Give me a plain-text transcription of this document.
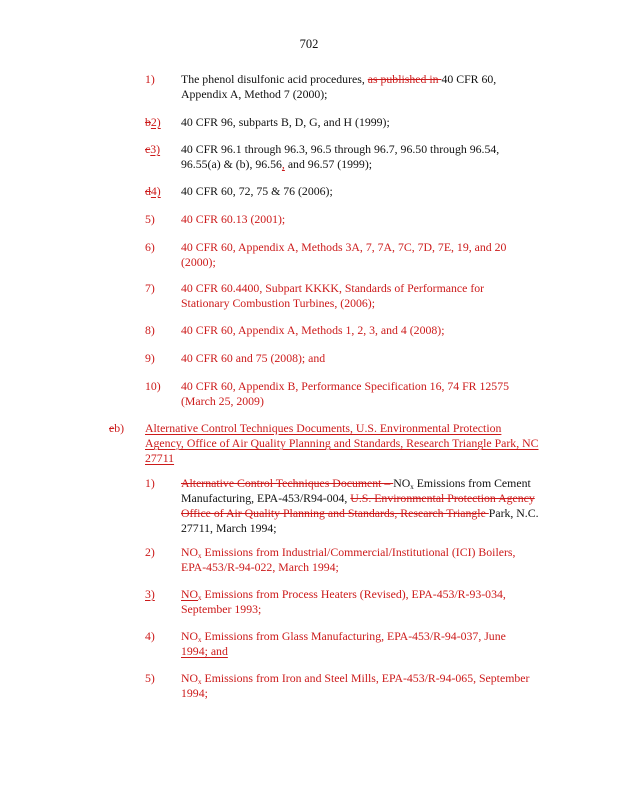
702
1) The phenol disulfonic acid procedures, as published in 40 CFR 60, Appendix A, Method 7 (2000);
b2) 40 CFR 96, subparts B, D, G, and H (1999);
c3) 40 CFR 96.1 through 96.3, 96.5 through 96.7, 96.50 through 96.54, 96.55(a) & (b), 96.56, and 96.57 (1999);
d4) 40 CFR 60, 72, 75 & 76 (2006);
5) 40 CFR 60.13 (2001);
6) 40 CFR 60, Appendix A, Methods 3A, 7, 7A, 7C, 7D, 7E, 19, and 20 (2000);
7) 40 CFR 60.4400, Subpart KKKK, Standards of Performance for Stationary Combustion Turbines, (2006);
8) 40 CFR 60, Appendix A, Methods 1, 2, 3, and 4 (2008);
9) 40 CFR 60 and 75 (2008); and
10) 40 CFR 60, Appendix B, Performance Specification 16, 74 FR 12575 (March 25, 2009)
eb) Alternative Control Techniques Documents, U.S. Environmental Protection Agency, Office of Air Quality Planning and Standards, Research Triangle Park, NC 27711
1) Alternative Control Techniques Document – $NO_x$ Emissions from Cement Manufacturing, EPA-453/R94-004, U.S. Environmental Protection Agency Office of Air Quality Planning and Standards, Research Triangle Park, N.C. 27711, March 1994;
2) $NO_x$ Emissions from Industrial/Commercial/Institutional (ICI) Boilers, EPA-453/R-94-022, March 1994;
3) $NO_x$ Emissions from Process Heaters (Revised), EPA-453/R-93-034, September 1993;
4) $NO_x$ Emissions from Glass Manufacturing, EPA-453/R-94-037, June 1994; and
5) $NO_x$ Emissions from Iron and Steel Mills, EPA-453/R-94-065, September 1994;
